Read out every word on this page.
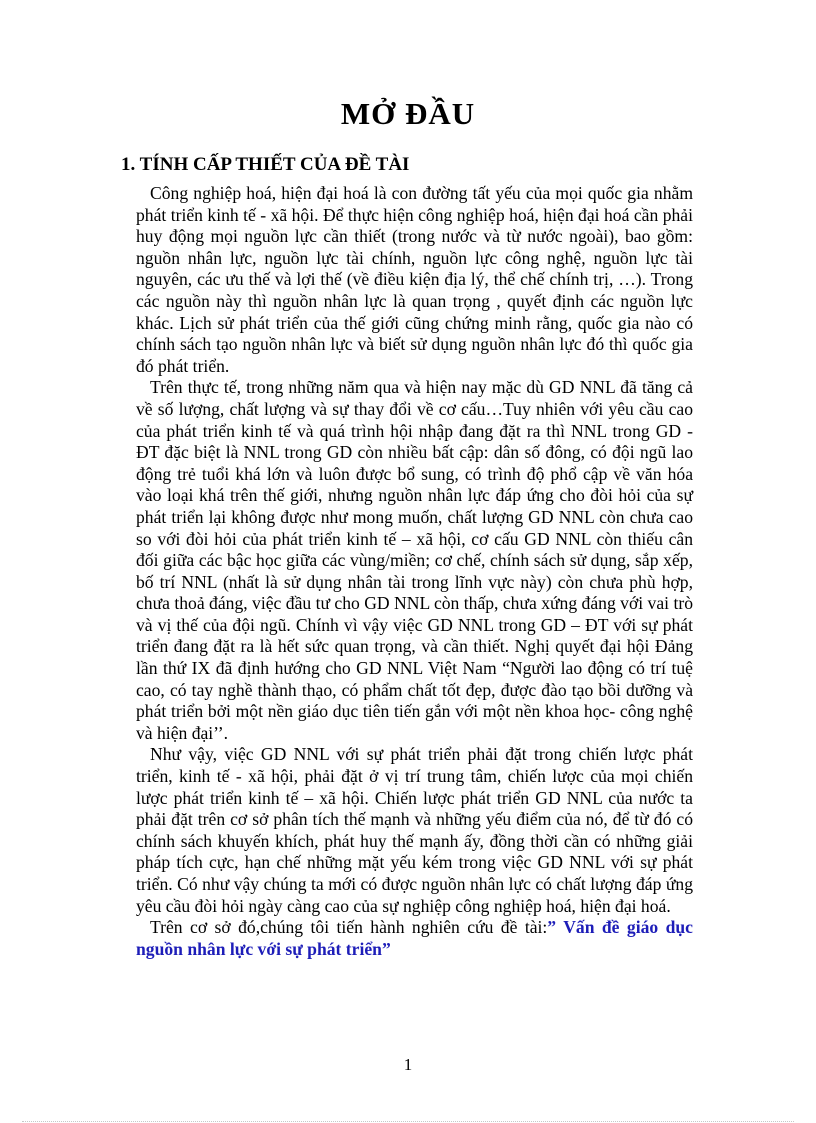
MỞ ĐẦU
1. TÍNH CẤP THIẾT CỦA ĐỀ TÀI

Công nghiệp hoá, hiện đại hoá là con đường tất yếu của mọi quốc gia nhằm phát triển kinh tế - xã hội. Để thực hiện công nghiệp hoá, hiện đại hoá cần phải huy động mọi nguồn lực cần thiết (trong nước và từ nước ngoài), bao gồm: nguồn nhân lực, nguồn lực tài chính, nguồn lực công nghệ, nguồn lực tài nguyên, các ưu thế và lợi thế (về điều kiện địa lý, thể chế chính trị, …). Trong các nguồn này thì nguồn nhân lực là quan trọng , quyết định các nguồn lực khác. Lịch sử phát triển của thế giới cũng chứng minh rằng, quốc gia nào có chính sách tạo nguồn nhân lực và biết sử dụng nguồn nhân lực đó thì quốc gia đó phát triển.

Trên thực tế, trong những năm qua và hiện nay mặc dù GD NNL đã tăng cả về số lượng, chất lượng và sự thay đổi về cơ cấu…Tuy nhiên với yêu cầu cao của phát triển kinh tế và quá trình hội nhập đang đặt ra thì NNL trong GD - ĐT đặc biệt là NNL trong GD còn nhiều bất cập: dân số đông, có đội ngũ lao động trẻ tuổi khá lớn và luôn được bổ sung, có trình độ phổ cập về văn hóa vào loại khá trên thế giới, nhưng nguồn nhân lực đáp ứng cho đòi hỏi của sự phát triển lại không được như mong muốn, chất lượng GD NNL còn chưa cao so với đòi hỏi của phát triển kinh tế – xã hội, cơ cấu GD NNL còn thiếu cân đối giữa các bậc học giữa các vùng/miền; cơ chế, chính sách sử dụng, sắp xếp, bố trí NNL (nhất là sử dụng nhân tài trong lĩnh vực này) còn chưa phù hợp, chưa thoả đáng, việc đầu tư cho GD NNL còn thấp, chưa xứng đáng với vai trò và vị thế của đội ngũ. Chính vì vậy việc GD NNL trong GD – ĐT với sự phát triển đang đặt ra là hết sức quan trọng, và cần thiết. Nghị quyết đại hội Đảng lần thứ IX đã định hướng cho GD NNL Việt Nam “Người lao động có trí tuệ cao, có tay nghề thành thạo, có phẩm chất tốt đẹp, được đào tạo bồi dưỡng và phát triển bởi một nền giáo dục tiên tiến gắn với một nền khoa học- công nghệ và hiện đại’’.

Như vậy, việc GD NNL với sự phát triển phải đặt trong chiến lược phát triển, kinh tế - xã hội, phải đặt ở vị trí trung tâm, chiến lược của mọi chiến lược phát triển kinh tế – xã hội. Chiến lược phát triển GD NNL của nước ta phải đặt trên cơ sở phân tích thế mạnh và những yếu điểm của nó, để từ đó có chính sách khuyến khích, phát huy thế mạnh ấy, đồng thời cần có những giải pháp tích cực, hạn chế những mặt yếu kém trong việc GD NNL với sự phát triển. Có như vậy chúng ta mới có được nguồn nhân lực có chất lượng đáp ứng yêu cầu đòi hỏi ngày càng cao của sự nghiệp công nghiệp hoá, hiện đại hoá.

Trên cơ sở đó,chúng tôi tiến hành nghiên cứu đề tài:” Vấn đề giáo dục nguồn nhân lực với sự phát triển”

1
